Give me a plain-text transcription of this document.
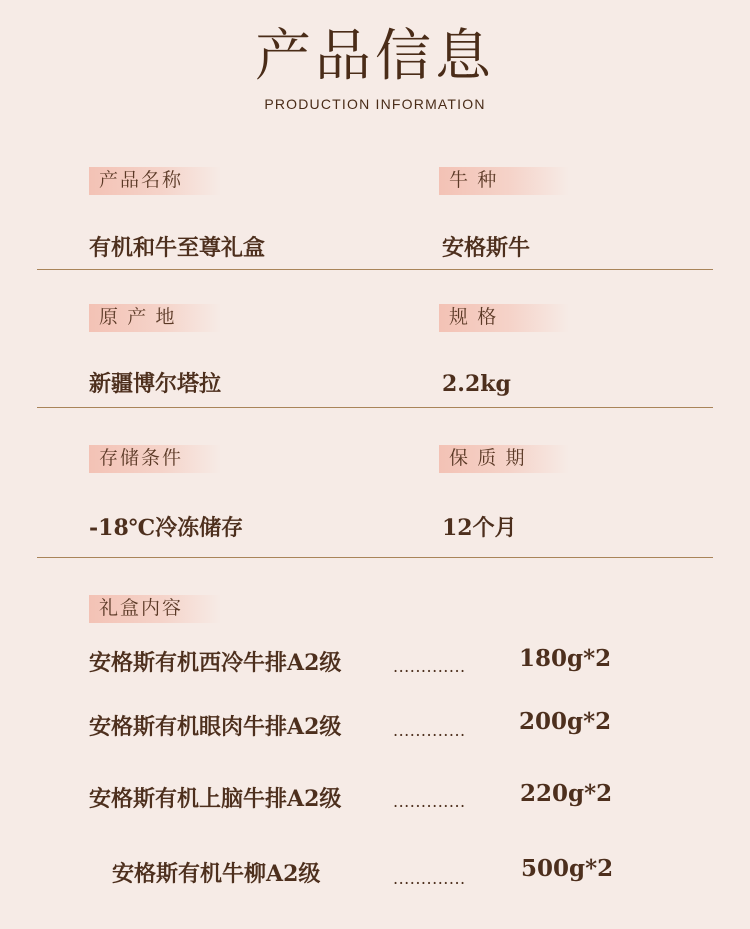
产品信息
PRODUCTION INFORMATION
产品名称	牛 种
有机和牛至尊礼盒	安格斯牛
原 产 地	规 格
新疆博尔塔拉	2.2kg
存储条件	保 质 期
-18℃冷冻储存	12个月
礼盒内容
安格斯有机西冷牛排A2级	............. 180g*2
安格斯有机眼肉牛排A2级	............. 200g*2
安格斯有机上脑牛排A2级	............. 220g*2
安格斯有机牛柳A2级	............. 500g*2
